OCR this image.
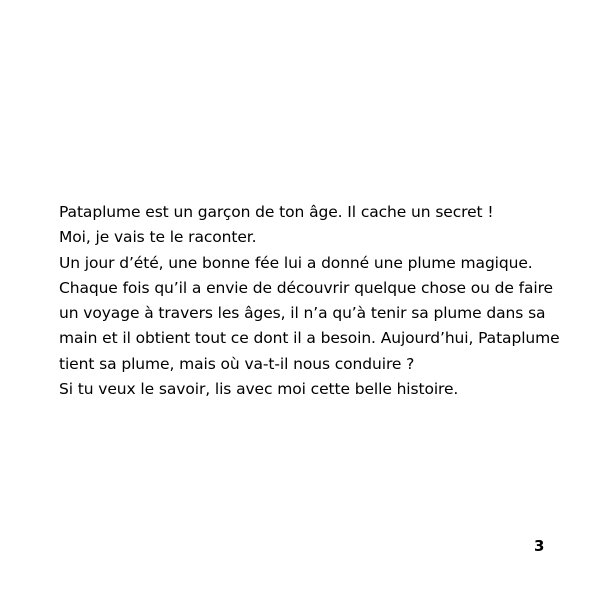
Pataplume est un garçon de ton âge. Il cache un secret !
Moi, je vais te le raconter.
Un jour d’été, une bonne fée lui a donné une plume magique.
Chaque fois qu’il a envie de découvrir quelque chose ou de faire
un voyage à travers les âges, il n’a qu’à tenir sa plume dans sa
main et il obtient tout ce dont il a besoin. Aujourd’hui, Pataplume
tient sa plume, mais où va-t-il nous conduire ?
Si tu veux le savoir, lis avec moi cette belle histoire.
3
